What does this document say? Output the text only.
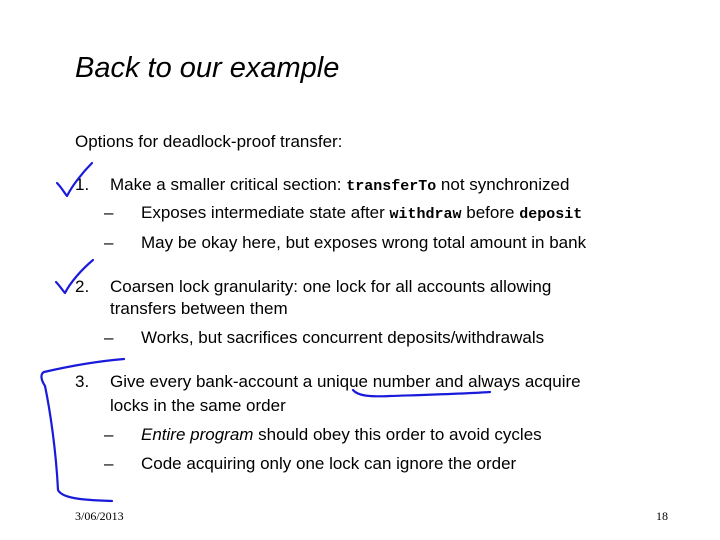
Back to our example
Options for deadlock-proof transfer:
1. Make a smaller critical section: transferTo not synchronized
– Exposes intermediate state after withdraw before deposit
– May be okay here, but exposes wrong total amount in bank
2. Coarsen lock granularity: one lock for all accounts allowing
transfers between them
– Works, but sacrifices concurrent deposits/withdrawals
3. Give every bank-account a unique number and always acquire
locks in the same order
– Entire program should obey this order to avoid cycles
– Code acquiring only one lock can ignore the order
3/06/2013	18
